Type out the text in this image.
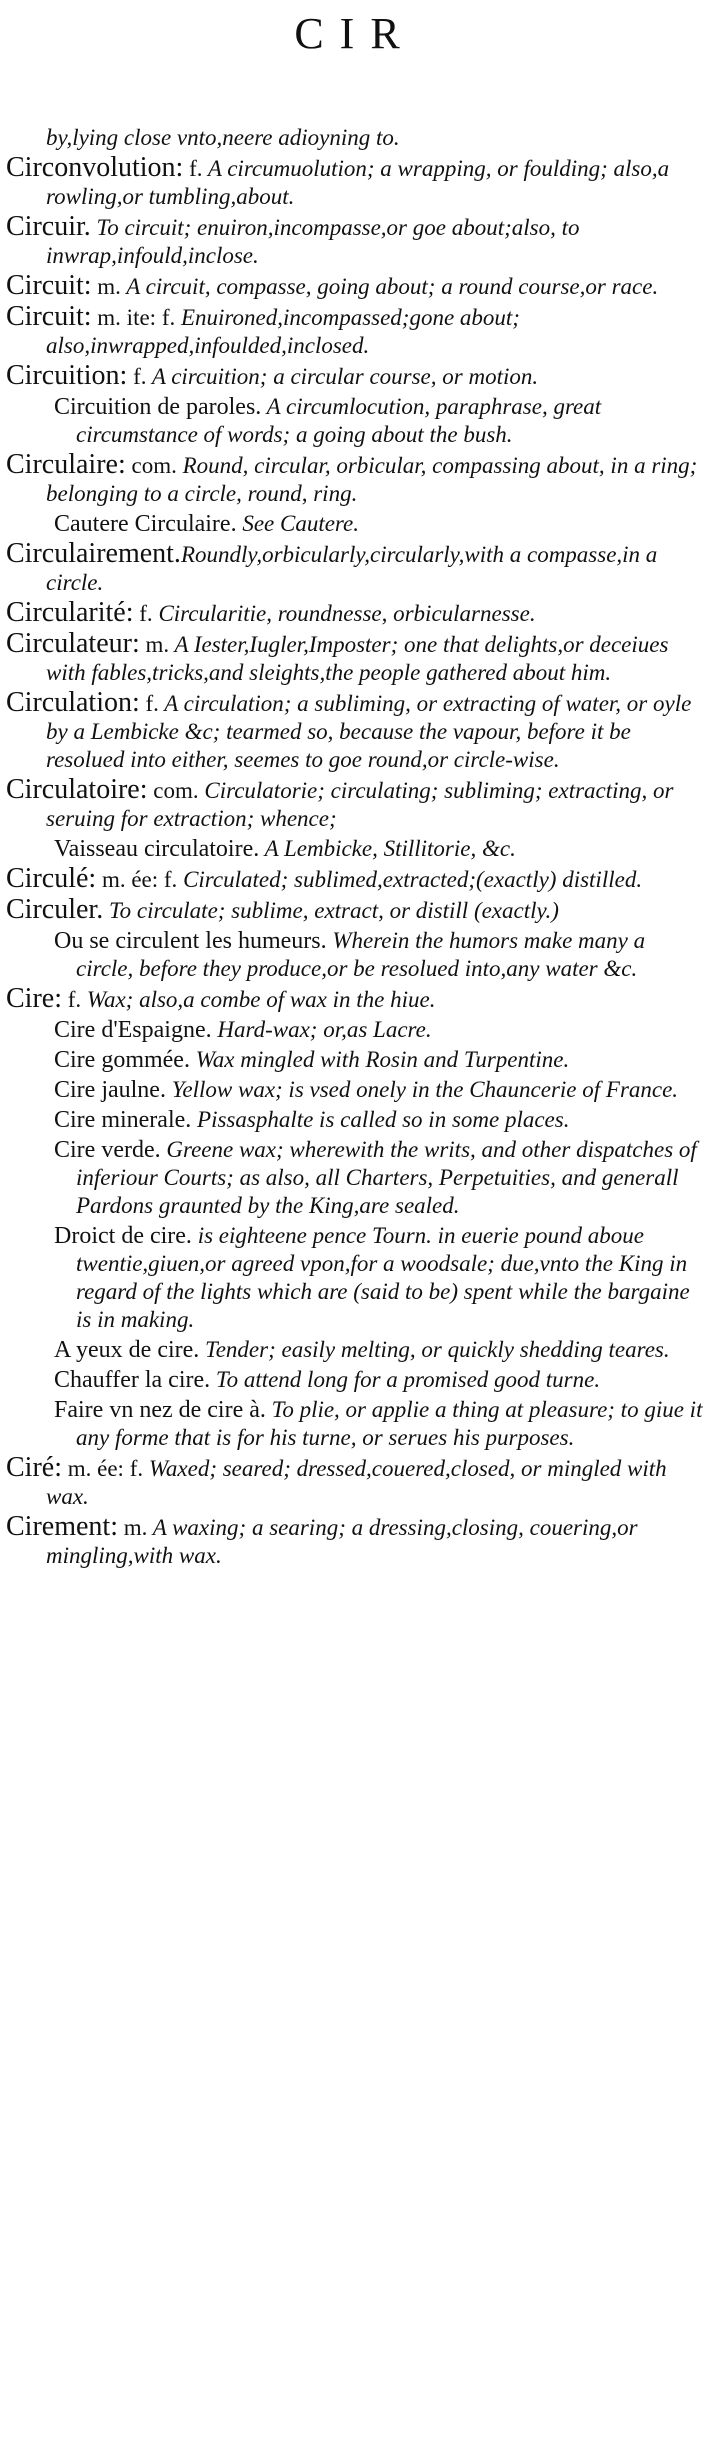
CIR
by,lying close vnto,neere adioyning to.
Circonvolution: f. A circumuolution; a wrapping, or foulding; also,a rowling,or tumbling,about.
Circuir. To circuit; enuiron,incompasse,or goe about;also, to inwrap,infould,inclose.
Circuit: m. A circuit, compasse, going about; a round course,or race.
Circuit: m. ite: f. Enuironed,incompassed;gone about; also,inwrapped,infoulded,inclosed.
Circuition: f. A circuition; a circular course, or motion.
Circuition de paroles. A circumlocution, paraphrase, great circumstance of words; a going about the bush.
Circulaire: com. Round, circular, orbicular, compassing about, in a ring; belonging to a circle, round, ring.
Cautere Circulaire. See Cautere.
Circulairement.Roundly,orbicularly,circularly,with a compasse,in a circle.
Circularité: f. Circularitie, roundnesse, orbicularnesse.
Circulateur: m. A Iester,Iugler,Imposter; one that delights,or deceiues with fables,tricks,and sleights,the people gathered about him.
Circulation: f. A circulation; a subliming, or extracting of water, or oyle by a Lembicke &c; tearmed so, because the vapour, before it be resolued into either, seemes to goe round,or circle-wise.
Circulatoire: com. Circulatorie; circulating; subliming; extracting, or seruing for extraction; whence;
Vaisseau circulatoire. A Lembicke, Stillitorie, &c.
Circulé: m. ée: f. Circulated; sublimed,extracted;(exactly) distilled.
Circuler. To circulate; sublime, extract, or distill (exactly.)
Ou se circulent les humeurs. Wherein the humors make many a circle, before they produce,or be resolued into,any water &c.
Cire: f. Wax; also,a combe of wax in the hiue.
Cire d'Espaigne. Hard-wax; or,as Lacre.
Cire gommée. Wax mingled with Rosin and Turpentine.
Cire jaulne. Yellow wax; is vsed onely in the Chauncerie of France.
Cire minerale. Pissasphalte is called so in some places.
Cire verde. Greene wax; wherewith the writs, and other dispatches of inferiour Courts; as also, all Charters, Perpetuities, and generall Pardons graunted by the King,are sealed.
Droict de cire. is eighteene pence Tourn. in euerie pound aboue twentie,giuen,or agreed vpon,for a woodsale; due,vnto the King in regard of the lights which are (said to be) spent while the bargaine is in making.
A yeux de cire. Tender; easily melting, or quickly shedding teares.
Chauffer la cire. To attend long for a promised good turne.
Faire vn nez de cire à. To plie, or applie a thing at pleasure; to giue it any forme that is for his turne, or serues his purposes.
Ciré: m. ée: f. Waxed; seared; dressed,couered,closed, or mingled with wax.
Cirement: m. A waxing; a searing; a dressing,closing, couering,or mingling,with wax.
